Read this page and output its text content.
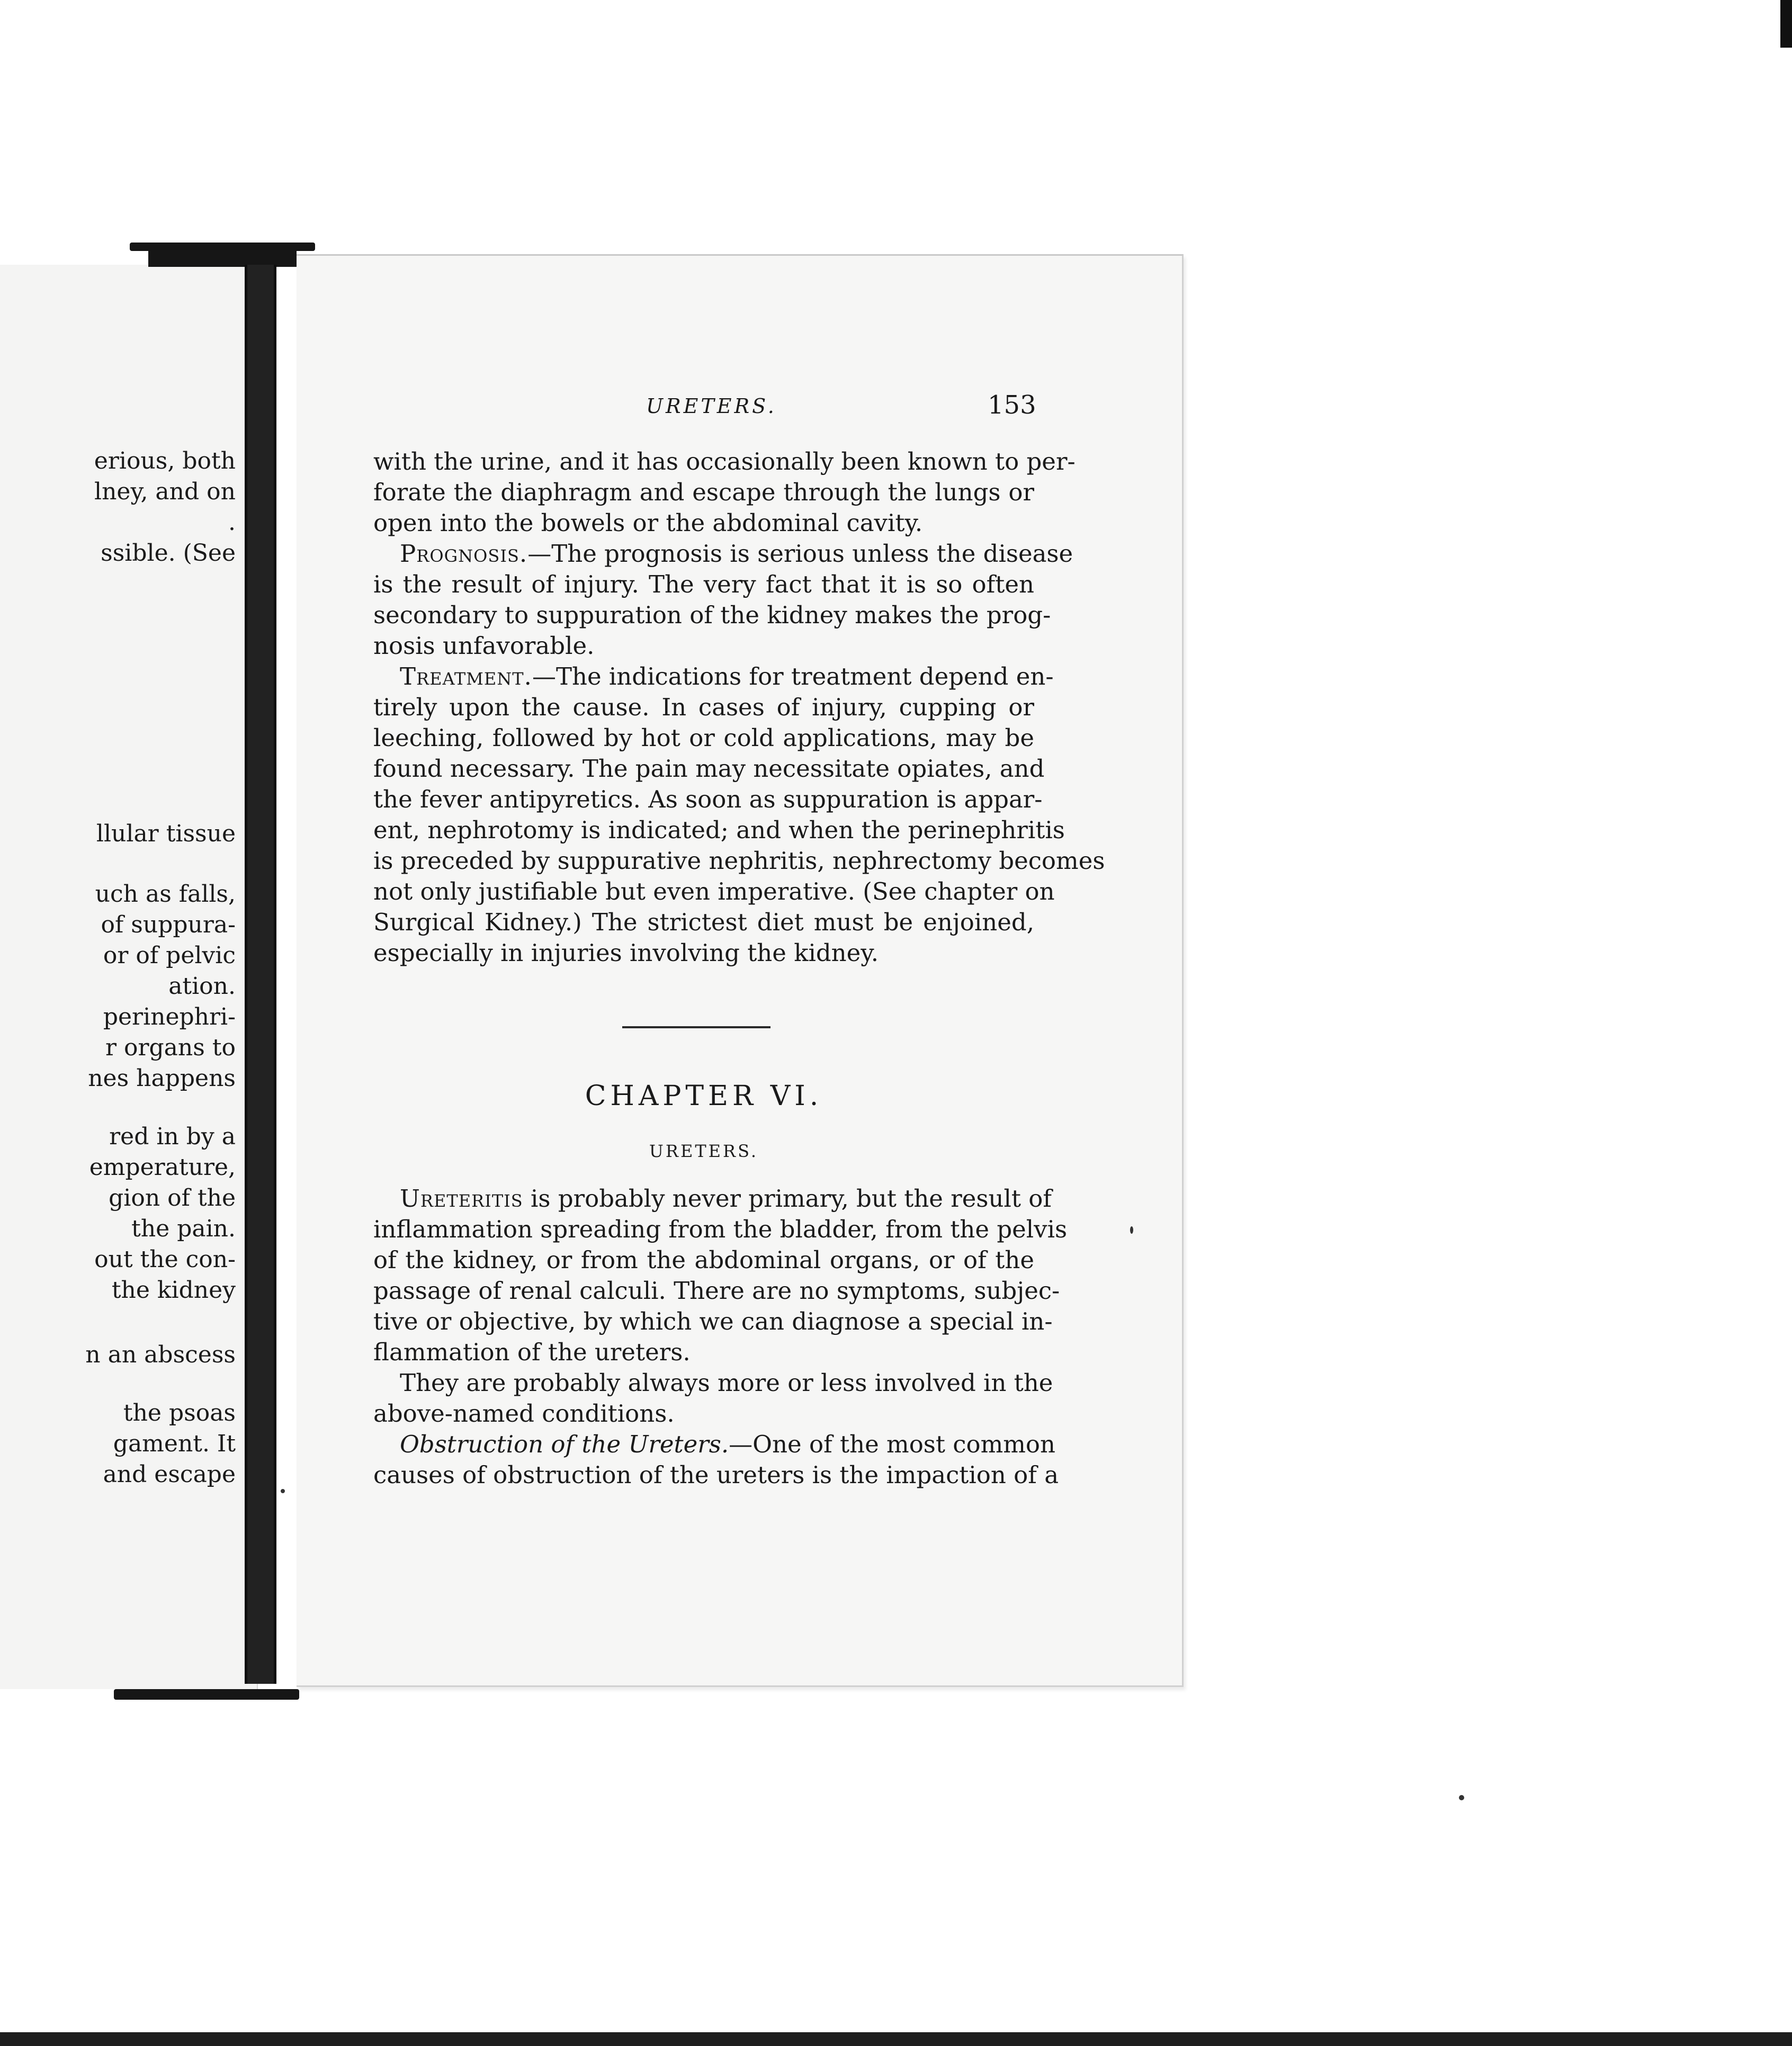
erious, both
lney, and on
.
ssible. (See
llular tissue
uch as falls,
of suppura-
or of pelvic
ation.
perinephri-
r organs to
nes happens
red in by a
emperature,
gion of the
the pain.
out the con-
the kidney
n an abscess
the psoas
gament. It
and escape
URETERS.	153
with the urine, and it has occasionally been known to per-
forate the diaphragm and escape through the lungs or
open into the bowels or the abdominal cavity.
Prognosis.—The prognosis is serious unless the disease
is the result of injury. The very fact that it is so often
secondary to suppuration of the kidney makes the prog-
nosis unfavorable.
Treatment.—The indications for treatment depend en-
tirely upon the cause. In cases of injury, cupping or
leeching, followed by hot or cold applications, may be
found necessary. The pain may necessitate opiates, and
the fever antipyretics. As soon as suppuration is appar-
ent, nephrotomy is indicated; and when the perinephritis
is preceded by suppurative nephritis, nephrectomy becomes
not only justifiable but even imperative. (See chapter on
Surgical Kidney.) The strictest diet must be enjoined,
especially in injuries involving the kidney.
CHAPTER VI.
URETERS.
Ureteritis is probably never primary, but the result of
inflammation spreading from the bladder, from the pelvis
of the kidney, or from the abdominal organs, or of the
passage of renal calculi. There are no symptoms, subjec-
tive or objective, by which we can diagnose a special in-
flammation of the ureters.
They are probably always more or less involved in the
above-named conditions.
Obstruction of the Ureters.—One of the most common
causes of obstruction of the ureters is the impaction of a
